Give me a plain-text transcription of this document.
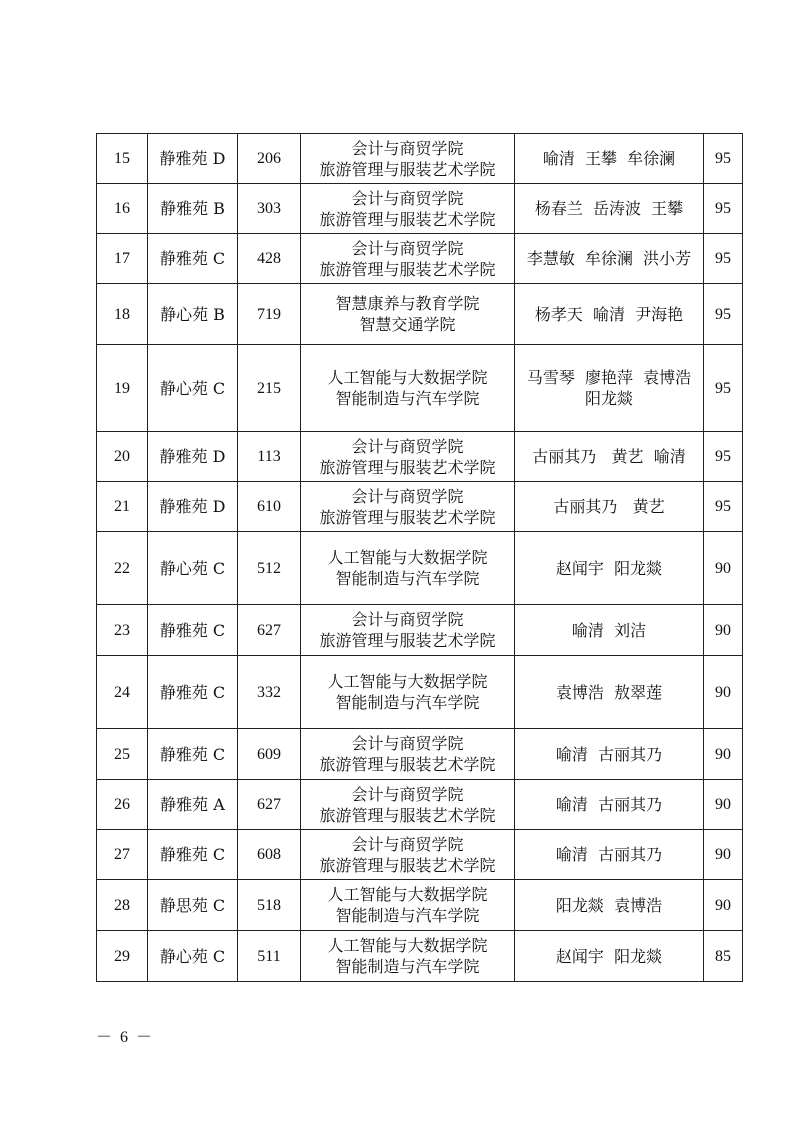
15	静雅苑 D	206	会计与商贸学院
旅游管理与服装艺术学院	喻清  王攀  牟徐澜	95
16	静雅苑 B	303	会计与商贸学院
旅游管理与服装艺术学院	杨春兰  岳涛波  王攀	95
17	静雅苑 C	428	会计与商贸学院
旅游管理与服装艺术学院	李慧敏  牟徐澜  洪小芳	95
18	静心苑 B	719	智慧康养与教育学院
智慧交通学院	杨孝天  喻清  尹海艳	95
19	静心苑 C	215	人工智能与大数据学院
智能制造与汽车学院	马雪琴  廖艳萍  袁博浩
阳龙燚	95
20	静雅苑 D	113	会计与商贸学院
旅游管理与服装艺术学院	古丽其乃   黄艺  喻清	95
21	静雅苑 D	610	会计与商贸学院
旅游管理与服装艺术学院	古丽其乃   黄艺	95
22	静心苑 C	512	人工智能与大数据学院
智能制造与汽车学院	赵闻宇  阳龙燚	90
23	静雅苑 C	627	会计与商贸学院
旅游管理与服装艺术学院	喻清  刘洁	90
24	静雅苑 C	332	人工智能与大数据学院
智能制造与汽车学院	袁博浩  敖翠莲	90
25	静雅苑 C	609	会计与商贸学院
旅游管理与服装艺术学院	喻清  古丽其乃	90
26	静雅苑 A	627	会计与商贸学院
旅游管理与服装艺术学院	喻清  古丽其乃	90
27	静雅苑 C	608	会计与商贸学院
旅游管理与服装艺术学院	喻清  古丽其乃	90
28	静思苑 C	518	人工智能与大数据学院
智能制造与汽车学院	阳龙燚  袁博浩	90
29	静心苑 C	511	人工智能与大数据学院
智能制造与汽车学院	赵闻宇  阳龙燚	85
－ 6 －
